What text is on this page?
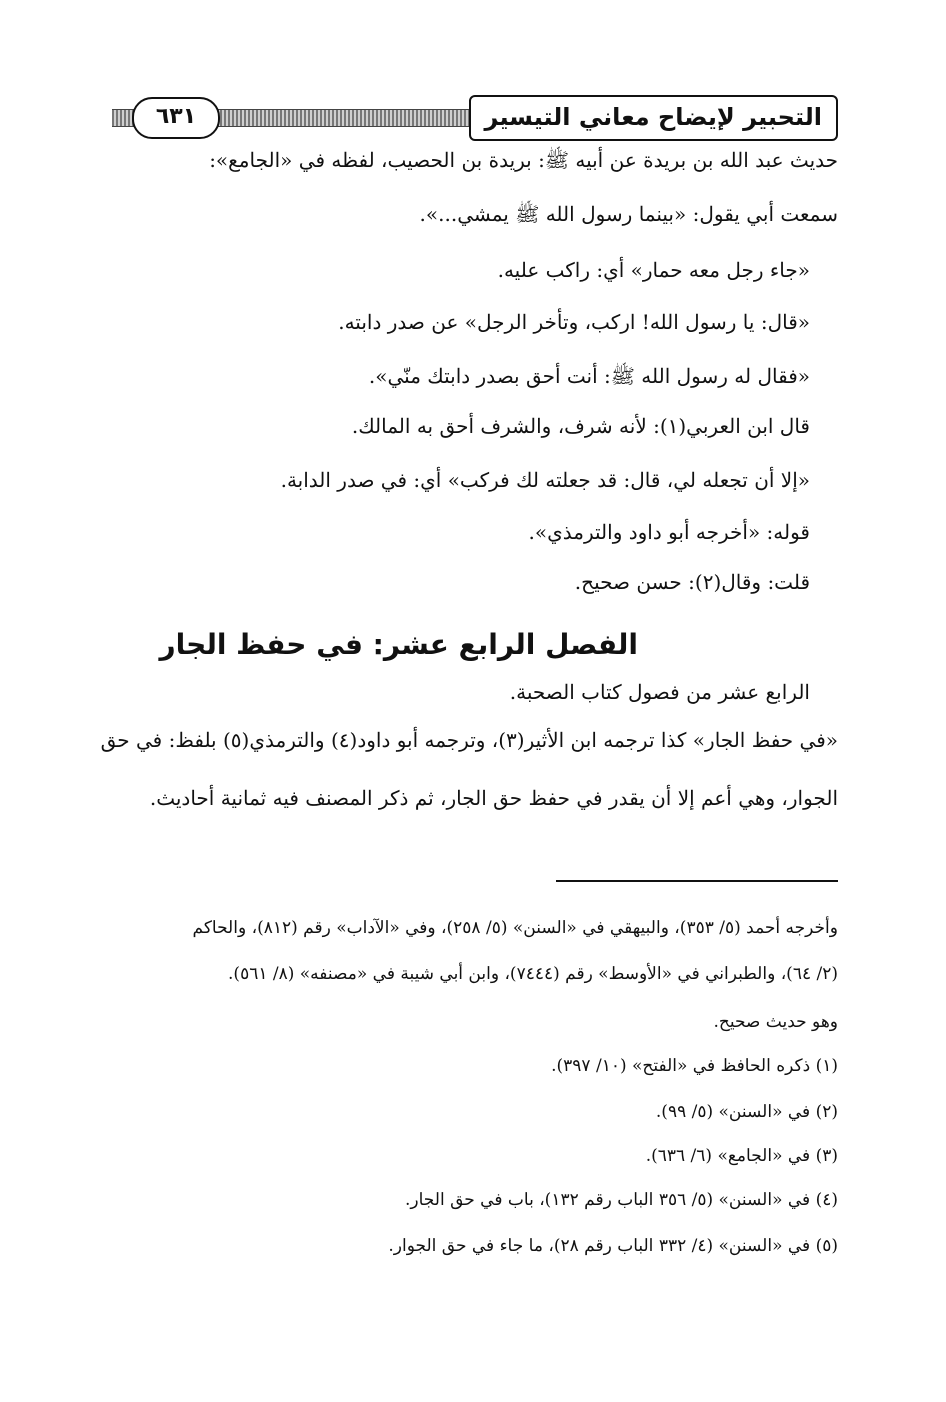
التحبير لإيضاح معاني التيسير
٦٣١
حديث عبد الله بن بريدة عن أبيه ﷺ: بريدة بن الحصيب، لفظه في «الجامع»:
سمعت أبي يقول: «بينما رسول الله ﷺ يمشي...».
«جاء رجل معه حمار» أي: راكب عليه.
«قال: يا رسول الله! اركب، وتأخر الرجل» عن صدر دابته.
«فقال له رسول الله ﷺ: أنت أحق بصدر دابتك منّي».
قال ابن العربي(١): لأنه شرف، والشرف أحق به المالك.
«إلا أن تجعله لي، قال: قد جعلته لك فركب» أي: في صدر الدابة.
قوله: «أخرجه أبو داود والترمذي».
قلت: وقال(٢): حسن صحيح.
الفصل الرابع عشر: في حفظ الجار
الرابع عشر من فصول كتاب الصحبة.
«في حفظ الجار» كذا ترجمه ابن الأثير(٣)، وترجمه أبو داود(٤) والترمذي(٥) بلفظ: في حق
الجوار، وهي أعم إلا أن يقدر في حفظ حق الجار، ثم ذكر المصنف فيه ثمانية أحاديث.
وأخرجه أحمد (٥/ ٣٥٣)، والبيهقي في «السنن» (٥/ ٢٥٨)، وفي «الآداب» رقم (٨١٢)، والحاكم
(٢/ ٦٤)، والطبراني في «الأوسط» رقم (٧٤٤٤)، وابن أبي شيبة في «مصنفه» (٨/ ٥٦١).
وهو حديث صحيح.
(١) ذكره الحافظ في «الفتح» (١٠/ ٣٩٧).
(٢) في «السنن» (٥/ ٩٩).
(٣) في «الجامع» (٦/ ٦٣٦).
(٤) في «السنن» (٥/ ٣٥٦ الباب رقم ١٣٢)، باب في حق الجار.
(٥) في «السنن» (٤/ ٣٣٢ الباب رقم ٢٨)، ما جاء في حق الجوار.
